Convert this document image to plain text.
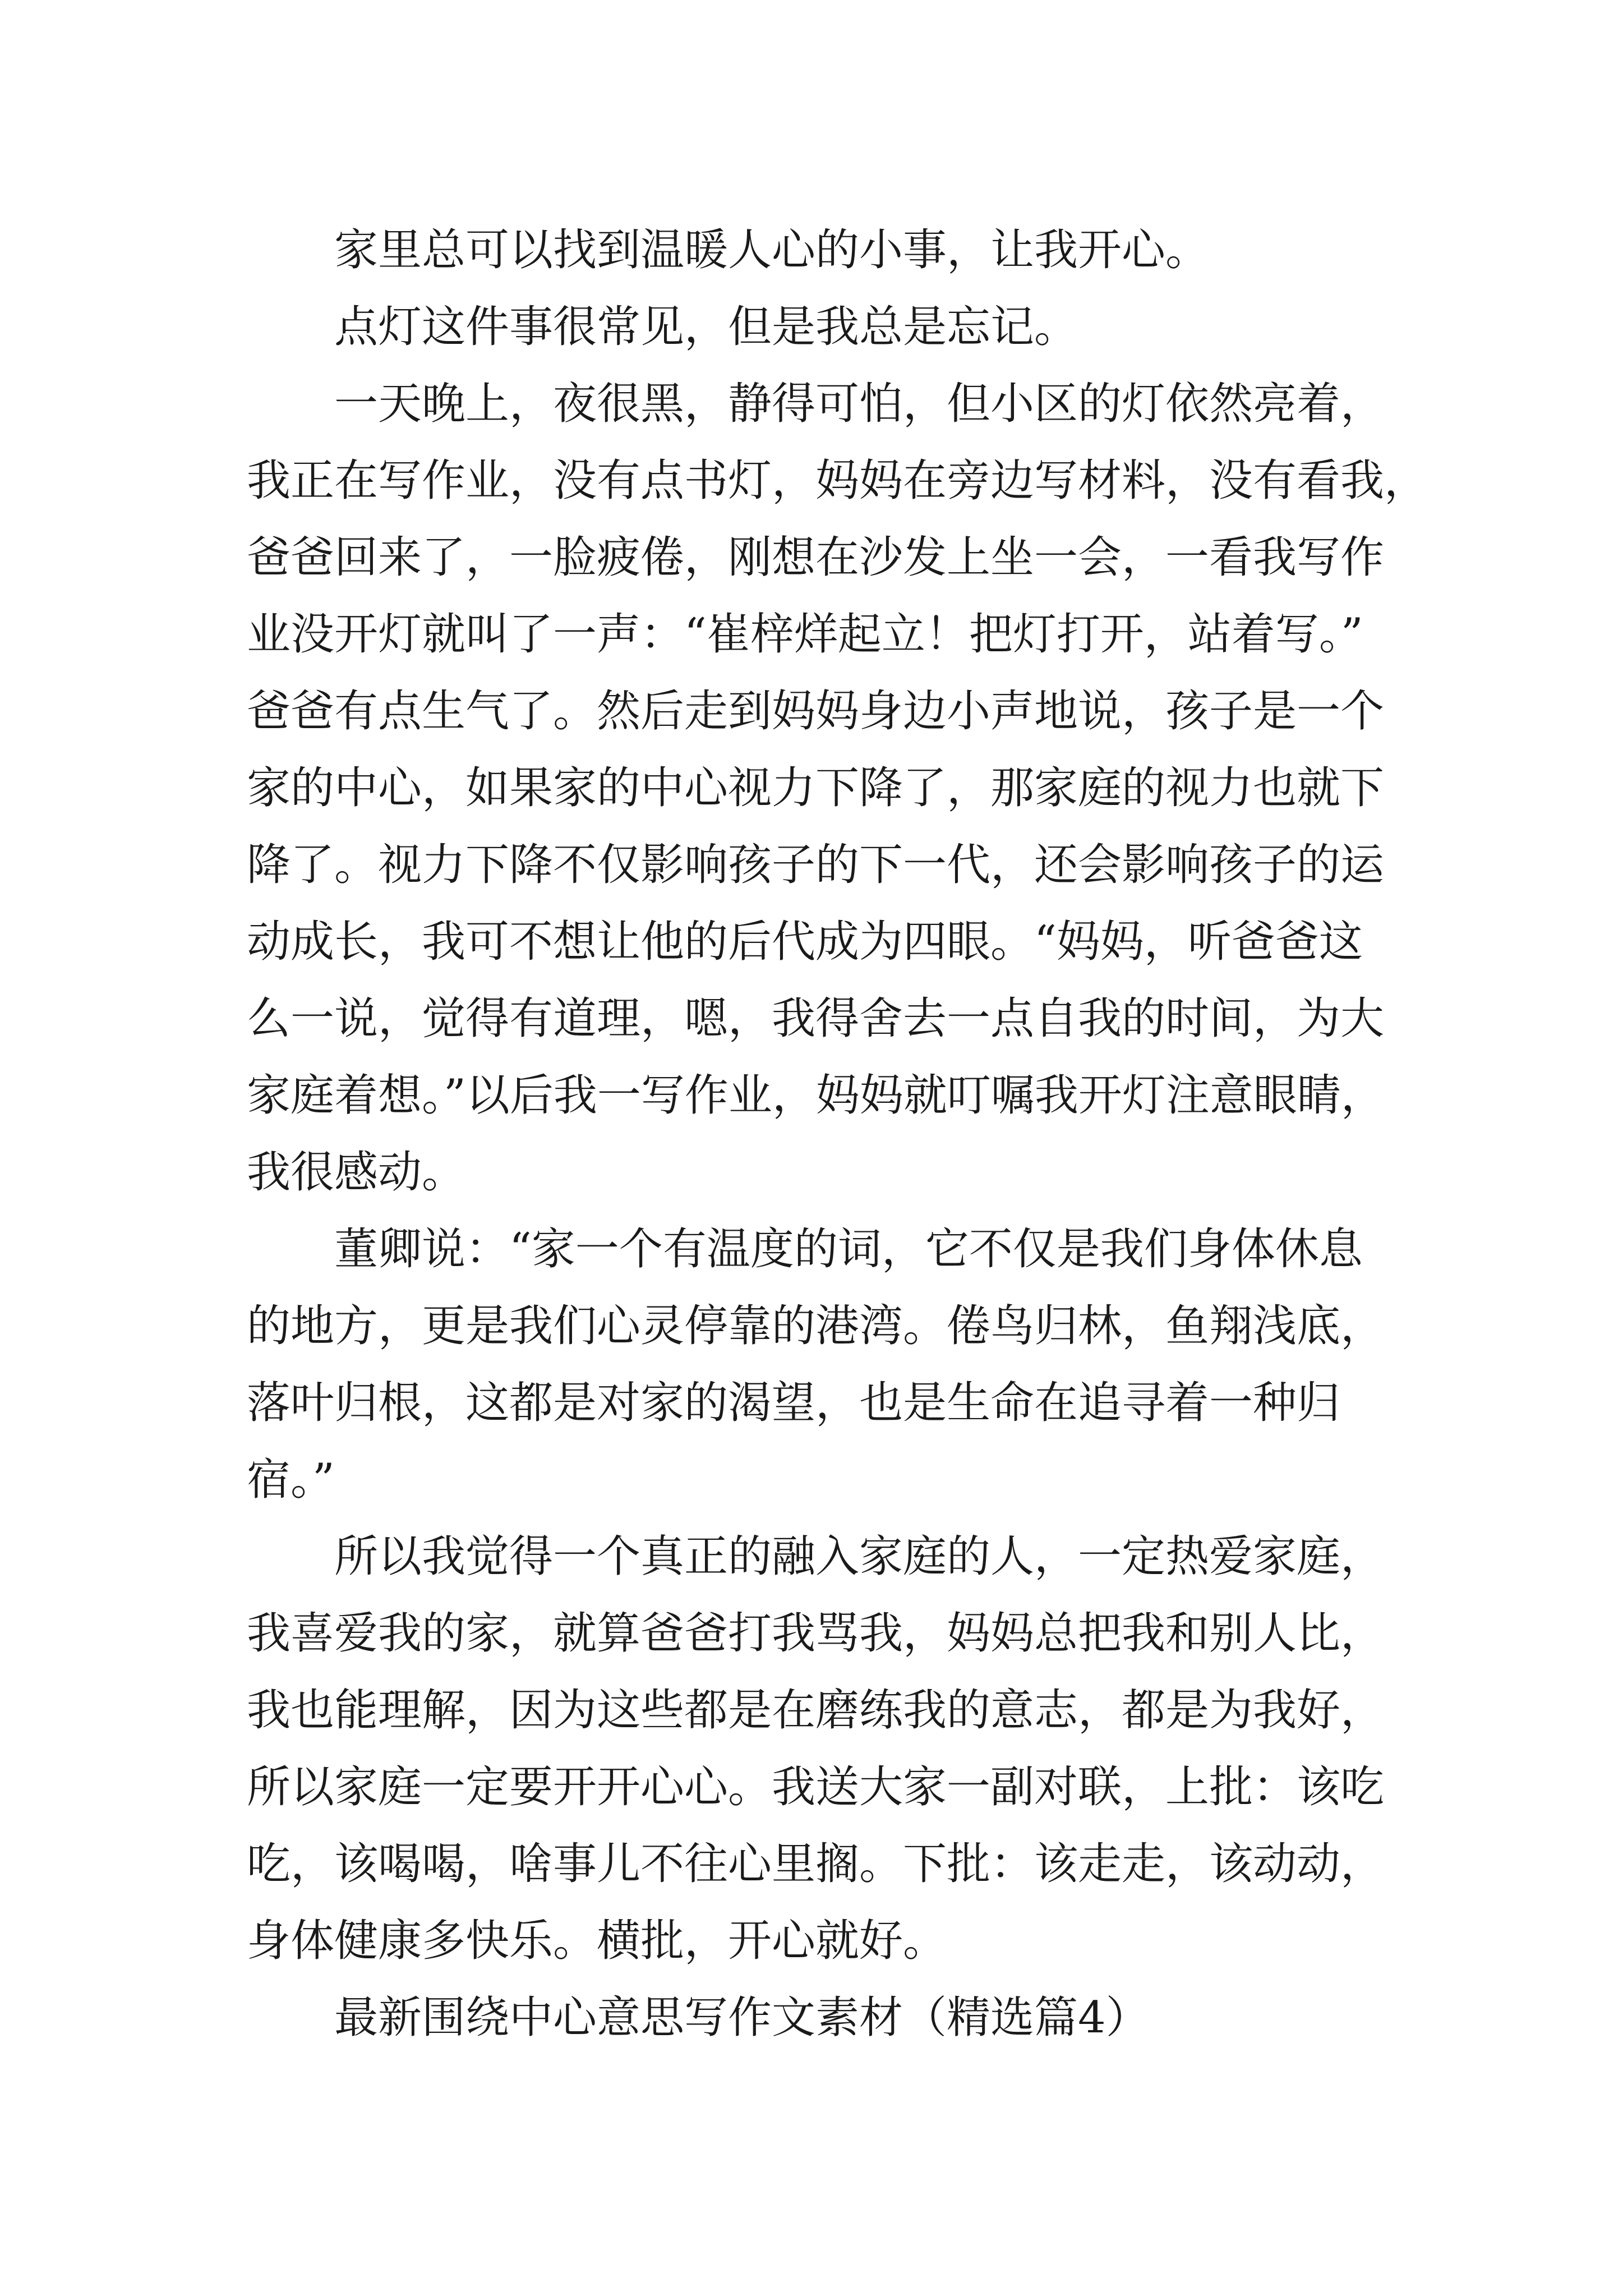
家里总可以找到温暖人心的小事，让我开心。

点灯这件事很常见，但是我总是忘记。

一天晚上，夜很黑，静得可怕，但小区的灯依然亮着，
我正在写作业，没有点书灯，妈妈在旁边写材料，没有看我，
爸爸回来了，一脸疲倦，刚想在沙发上坐一会，一看我写作
业没开灯就叫了一声：“崔梓烊起立！把灯打开，站着写。”
爸爸有点生气了。然后走到妈妈身边小声地说，孩子是一个
家的中心，如果家的中心视力下降了，那家庭的视力也就下
降了。视力下降不仅影响孩子的下一代，还会影响孩子的运
动成长，我可不想让他的后代成为四眼。“妈妈，听爸爸这
么一说，觉得有道理，嗯，我得舍去一点自我的时间，为大
家庭着想。”以后我一写作业，妈妈就叮嘱我开灯注意眼睛，
我很感动。

董卿说：“家一个有温度的词，它不仅是我们身体休息
的地方，更是我们心灵停靠的港湾。倦鸟归林，鱼翔浅底，
落叶归根，这都是对家的渴望，也是生命在追寻着一种归
宿。”

所以我觉得一个真正的融入家庭的人，一定热爱家庭，
我喜爱我的家，就算爸爸打我骂我，妈妈总把我和别人比，
我也能理解，因为这些都是在磨练我的意志，都是为我好，
所以家庭一定要开开心心。我送大家一副对联，上批：该吃
吃，该喝喝，啥事儿不往心里搁。下批：该走走，该动动，
身体健康多快乐。横批，开心就好。

最新围绕中心意思写作文素材（精选篇4）
